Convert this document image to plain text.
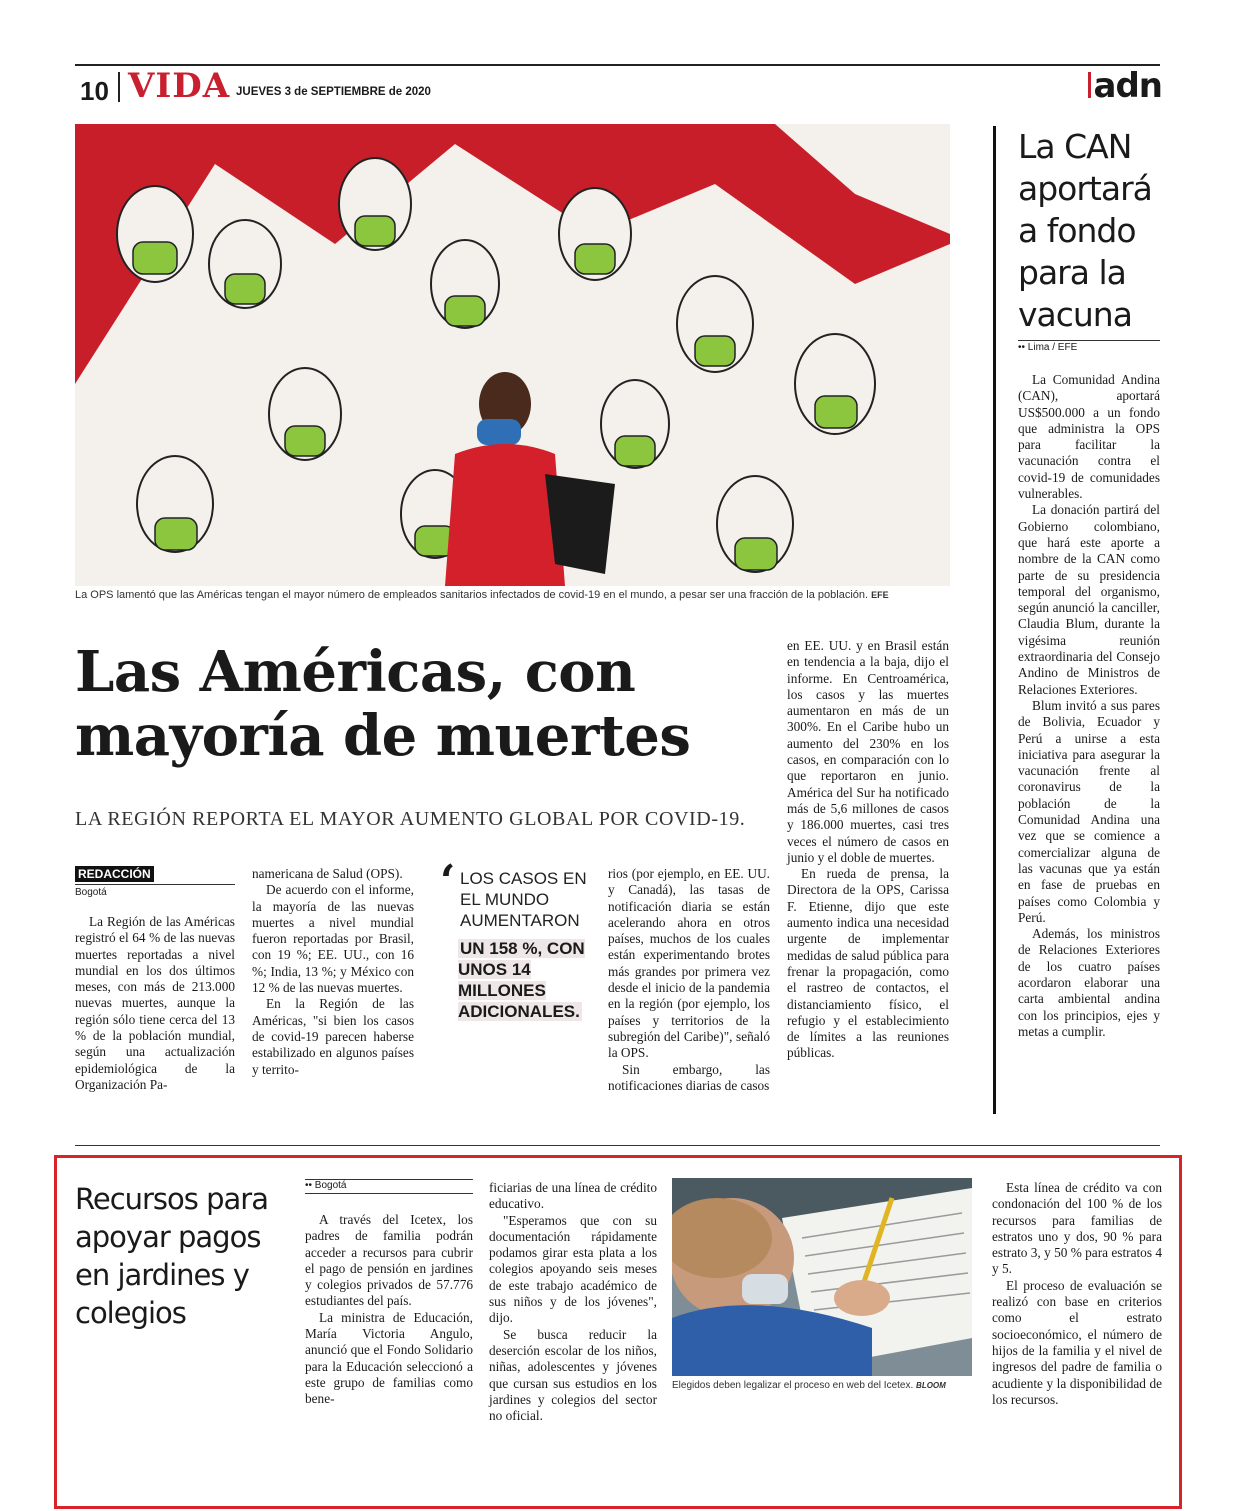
10 VIDA JUEVES 3 de SEPTIEMBRE de 2020	adn
La OPS lamentó que las Américas tengan el mayor número de empleados sanitarios infectados de covid-19 en el mundo, a pesar ser una fracción de la población. EFE
Las Américas, con mayoría de muertes
LA REGIÓN REPORTA EL MAYOR AUMENTO GLOBAL POR COVID-19.
REDACCIÓN
Bogotá

La Región de las Américas registró el 64 % de las nuevas muertes reportadas a nivel mundial en los dos últimos meses, con más de 213.000 nuevas muertes, aunque la región sólo tiene cerca del 13 % de la población mundial, según una actualización epidemiológica de la Organización Pa-

namericana de Salud (OPS).

De acuerdo con el informe, la mayoría de las nuevas muertes a nivel mundial fueron reportadas por Brasil, con 19 %; EE. UU., con 16 %; India, 13 %; y México con 12 % de las nuevas muertes.

En la Región de las Américas, "si bien los casos de covid-19 parecen haberse estabilizado en algunos países y territo-

‘ LOS CASOS EN EL MUNDO AUMENTARON
UN 158 %, CON UNOS 14 MILLONES ADICIONALES.

rios (por ejemplo, en EE. UU. y Canadá), las tasas de notificación diaria se están acelerando ahora en otros países, muchos de los cuales están experimentando brotes más grandes por primera vez desde el inicio de la pandemia en la región (por ejemplo, los países y territorios de la subregión del Caribe)", señaló la OPS.

Sin embargo, las notificaciones diarias de casos

en EE. UU. y en Brasil están en tendencia a la baja, dijo el informe. En Centroamérica, los casos y las muertes aumentaron en más de un 300%. En el Caribe hubo un aumento del 230% en los casos, en comparación con lo que reportaron en junio. América del Sur ha notificado más de 5,6 millones de casos y 186.000 muertes, casi tres veces el número de casos en junio y el doble de muertes.

En rueda de prensa, la Directora de la OPS, Carissa F. Etienne, dijo que este aumento indica una necesidad urgente de implementar medidas de salud pública para frenar la propagación, como el rastreo de contactos, el distanciamiento físico, el refugio y el establecimiento de límites a las reuniones públicas.

La CAN aportará a fondo para la vacuna
•• Lima / EFE

La Comunidad Andina (CAN), aportará US$500.000 a un fondo que administra la OPS para facilitar la vacunación contra el covid-19 de comunidades vulnerables.

La donación partirá del Gobierno colombiano, que hará este aporte a nombre de la CAN como parte de su presidencia temporal del organismo, según anunció la canciller, Claudia Blum, durante la vigésima reunión extraordinaria del Consejo Andino de Ministros de Relaciones Exteriores.

Blum invitó a sus pares de Bolivia, Ecuador y Perú a unirse a esta iniciativa para asegurar la vacunación frente al coronavirus de la población de la Comunidad Andina una vez que se comience a comercializar alguna de las vacunas que ya están en fase de pruebas en países como Colombia y Perú.

Además, los ministros de Relaciones Exteriores de los cuatro países acordaron elaborar una carta ambiental andina con los principios, ejes y metas a cumplir.

Recursos para apoyar pagos en jardines y colegios
•• Bogotá

A través del Icetex, los padres de familia podrán acceder a recursos para cubrir el pago de pensión en jardines y colegios privados de 57.776 estudiantes del país.

La ministra de Educación, María Victoria Angulo, anunció que el Fondo Solidario para la Educación seleccionó a este grupo de familias como bene-

ficiarias de una línea de crédito educativo.

"Esperamos que con su documentación rápidamente podamos girar esta plata a los colegios apoyando seis meses de este trabajo académico de sus niños y de los jóvenes", dijo.

Se busca reducir la deserción escolar de los niños, niñas, adolescentes y jóvenes que cursan sus estudios en los jardines y colegios del sector no oficial.

Elegidos deben legalizar el proceso en web del Icetex. BLOOM

Esta línea de crédito va con condonación del 100 % de los recursos para familias de estratos uno y dos, 90 % para estrato 3, y 50 % para estratos 4 y 5.

El proceso de evaluación se realizó con base en criterios como el estrato socioeconómico, el número de hijos de la familia y el nivel de ingresos del padre de familia o acudiente y la disponibilidad de los recursos.
